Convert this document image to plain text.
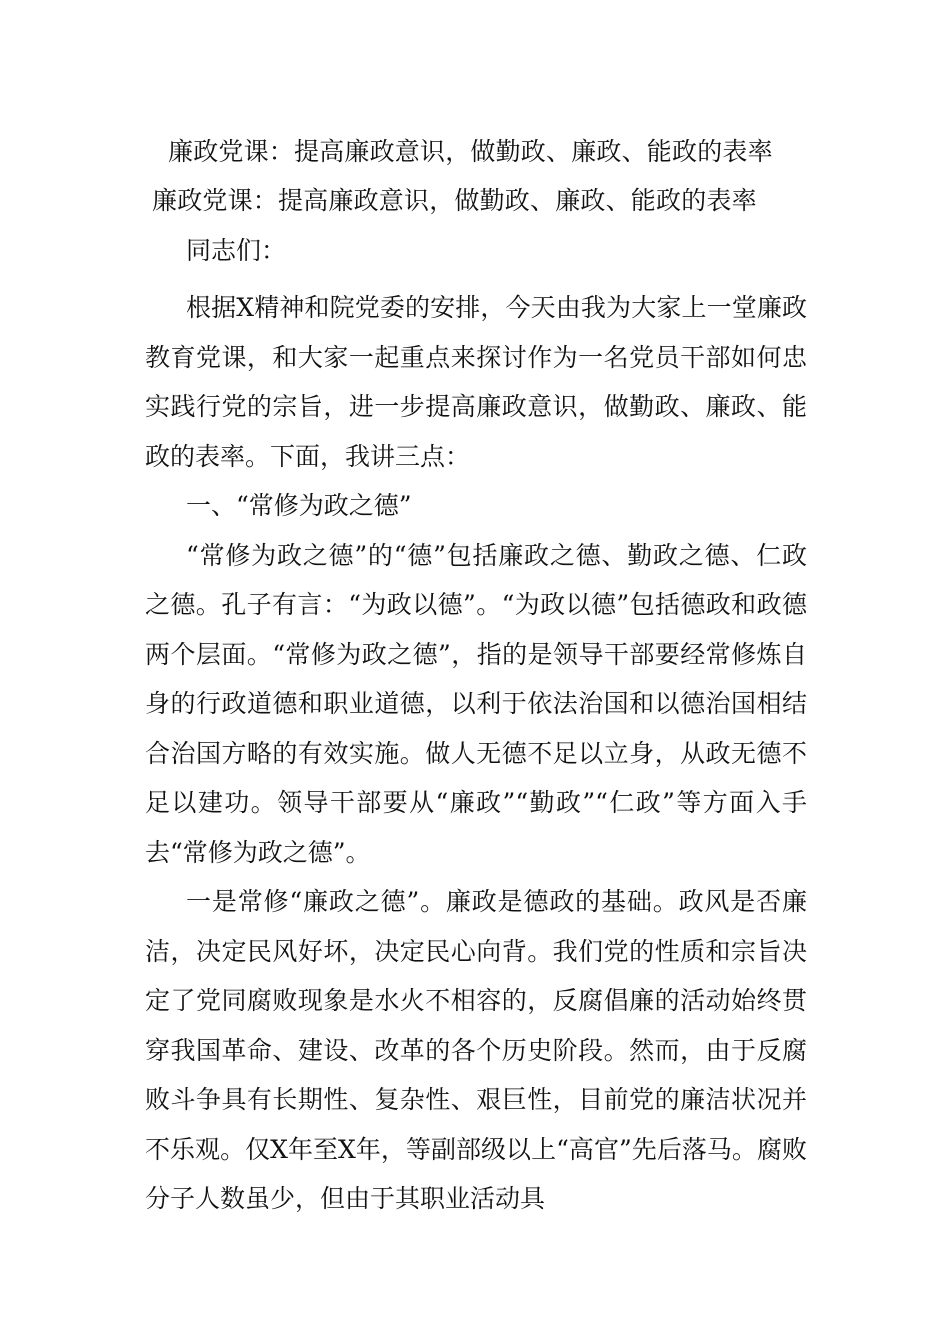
廉政党课：提高廉政意识，做勤政、廉政、能政的表率
廉政党课：提高廉政意识，做勤政、廉政、能政的表率
同志们：

根据X精神和院党委的安排，今天由我为大家上一堂廉政教育党课，和大家一起重点来探讨作为一名党员干部如何忠实践行党的宗旨，进一步提高廉政意识，做勤政、廉政、能政的表率。下面，我讲三点：

一、“常修为政之德”

“常修为政之德”的“德”包括廉政之德、勤政之德、仁政之德。孔子有言：“为政以德”。“为政以德”包括德政和政德两个层面。“常修为政之德”，指的是领导干部要经常修炼自身的行政道德和职业道德，以利于依法治国和以德治国相结合治国方略的有效实施。做人无德不足以立身，从政无德不足以建功。领导干部要从“廉政”“勤政”“仁政”等方面入手去“常修为政之德”。

一是常修“廉政之德”。廉政是德政的基础。政风是否廉洁，决定民风好坏，决定民心向背。我们党的性质和宗旨决定了党同腐败现象是水火不相容的，反腐倡廉的活动始终贯穿我国革命、建设、改革的各个历史阶段。然而，由于反腐败斗争具有长期性、复杂性、艰巨性，目前党的廉洁状况并不乐观。仅X年至X年，等副部级以上“高官”先后落马。腐败分子人数虽少，但由于其职业活动具
